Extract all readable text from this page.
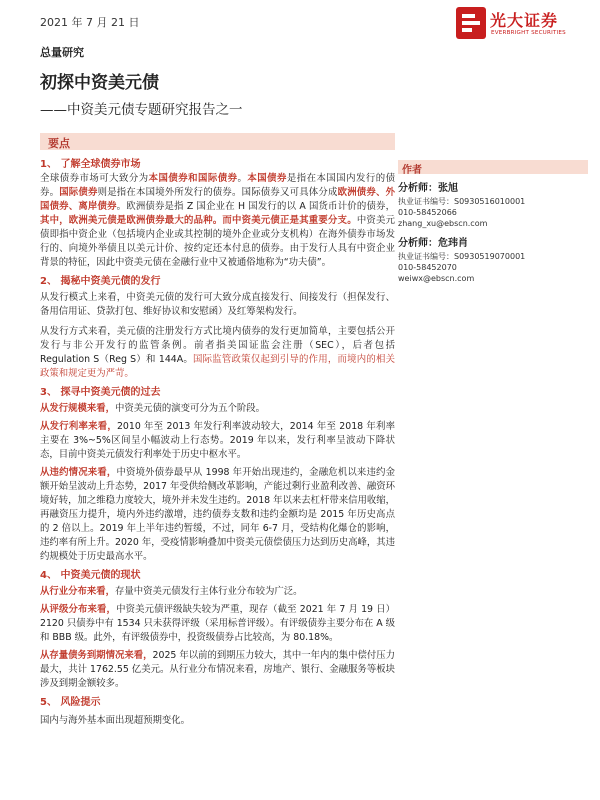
2021 年 7 月 21 日	光大证券
EVERBRIGHT SECURITIES
总量研究
初探中资美元债
——中资美元债专题研究报告之一
要点
1、 了解全球债券市场
全球债券市场可大致分为本国债券和国际债券。本国债券是指在本国国内发行的债券。国际债券则是指在本国境外所发行的债券。国际债券又可具体分成欧洲债券、外国债券、离岸债券。欧洲债券是指 Z 国企业在 H 国发行的以 A 国货币计价的债券，其中，欧洲美元债是欧洲债券最大的品种。而中资美元债正是其重要分支。中资美元债即指中资企业（包括境内企业或其控制的境外企业或分支机构）在海外债券市场发行的、向境外举债且以美元计价、按约定还本付息的债券。由于发行人具有中资企业背景的特征，因此中资美元债在金融行业中又被通俗地称为“功夫债”。
2、 揭秘中资美元债的发行
从发行模式上来看，中资美元债的发行可大致分成直接发行、间接发行（担保发行、备用信用证、贷款打包、维好协议和安慰函）及红筹架构发行。
从发行方式来看，美元债的注册发行方式比境内债券的发行更加简单，主要包括公开发行与非公开发行的监管条例。前者指美国证监会注册（SEC），后者包括 Regulation S（Reg S）和 144A。国际监管政策仅起到引导的作用，而境内的相关政策和规定更为严苛。
3、 探寻中资美元债的过去
从发行规模来看，中资美元债的演变可分为五个阶段。
从发行利率来看，2010 年至 2013 年发行利率波动较大，2014 年至 2018 年利率主要在 3%~5%区间呈小幅波动上行态势。2019 年以来，发行利率呈波动下降状态，目前中资美元债发行利率处于历史中枢水平。
从违约情况来看，中资境外债券最早从 1998 年开始出现违约，金融危机以来违约金额开始呈波动上升态势，2017 年受供给侧改革影响，产能过剩行业盈利改善、融资环境好转，加之维稳力度较大，境外并未发生违约。2018 年以来去杠杆带来信用收缩，再融资压力提升，境内外违约激增，违约债券支数和违约金额均是 2015 年历史高点的 2 倍以上。2019 年上半年违约暂缓，不过，同年 6-7 月，受结构化爆仓的影响，违约率有所上升。2020 年，受疫情影响叠加中资美元债偿债压力达到历史高峰，其违约规模处于历史最高水平。
4、 中资美元债的现状
从行业分布来看，存量中资美元债发行主体行业分布较为广泛。
从评级分布来看，中资美元债评级缺失较为严重，现存（截至 2021 年 7 月 19 日）2120 只债券中有 1534 只未获得评级（采用标普评级）。有评级债券主要分布在 A 级和 BBB 级。此外，有评级债券中，投资级债券占比较高，为 80.18%。
从存量债务到期情况来看，2025 年以前的到期压力较大，其中一年内的集中偿付压力最大，共计 1762.55 亿美元。从行业分布情况来看，房地产、银行、金融服务等板块涉及到期金额较多。
5、 风险提示
国内与海外基本面出现超预期变化。
作者
分析师：张旭
执业证书编号：S0930516010001
010-58452066
zhang_xu@ebscn.com
分析师：危玮肖
执业证书编号：S0930519070001
010-58452070
weiwx@ebscn.com
